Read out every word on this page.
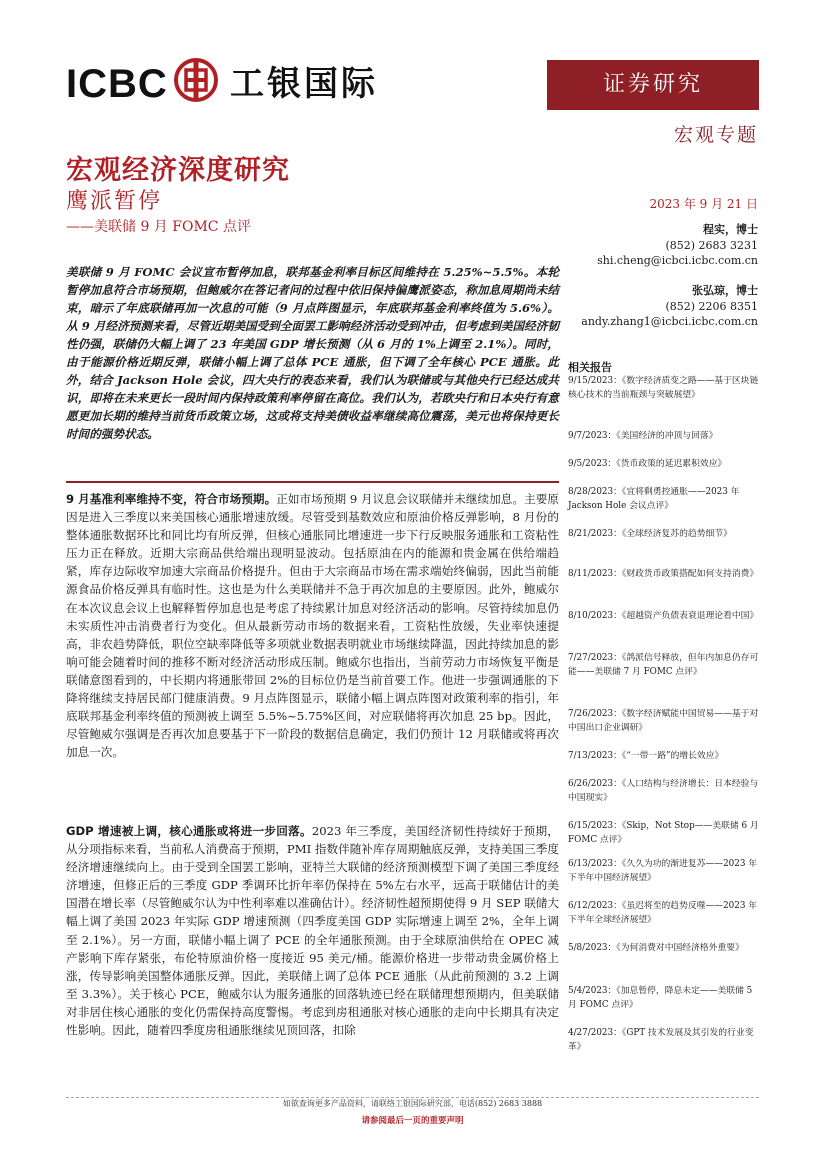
ICBC 工银国际	证券研究
宏观专题
宏观经济深度研究
鹰派暂停
——美联储 9 月 FOMC 点评
2023 年 9 月 21 日
程实，博士
(852) 2683 3231
shi.cheng@icbci.icbc.com.cn
张弘琼，博士
(852) 2206 8351
andy.zhang1@icbci.icbc.com.cn
美联储 9 月 FOMC 会议宣布暂停加息，联邦基金利率目标区间维持在 5.25%~5.5%。本轮暂停加息符合市场预期，但鲍威尔在答记者问的过程中依旧保持偏鹰派姿态，称加息周期尚未结束，暗示了年底联储再加一次息的可能（9 月点阵图显示，年底联邦基金利率终值为 5.6%）。从 9 月经济预测来看，尽管近期美国受到全面罢工影响经济活动受到冲击，但考虑到美国经济韧性仍强，联储仍大幅上调了 23 年美国 GDP 增长预测（从 6 月的 1%上调至 2.1%）。同时，由于能源价格近期反弹，联储小幅上调了总体 PCE 通胀，但下调了全年核心 PCE 通胀。此外，结合 Jackson Hole 会议，四大央行的表态来看，我们认为联储或与其他央行已经达成共识，即将在未来更长一段时间内保持政策利率停留在高位。我们认为，若欧央行和日本央行有意愿更加长期的维持当前货币政策立场，这或将支持美债收益率继续高位震荡，美元也将保持更长时间的强势状态。
9 月基准利率维持不变，符合市场预期。正如市场预期 9 月议息会议联储并未继续加息。主要原因是进入三季度以来美国核心通胀增速放缓。尽管受到基数效应和原油价格反弹影响，8 月份的整体通胀数据环比和同比均有所反弹，但核心通胀同比增速进一步下行反映服务通胀和工资粘性压力正在释放。近期大宗商品供给端出现明显波动。包括原油在内的能源和贵金属在供给端趋紧，库存边际收窄加速大宗商品价格提升。但由于大宗商品市场在需求端始终偏弱，因此当前能源食品价格反弹具有临时性。这也是为什么美联储并不急于再次加息的主要原因。此外，鲍威尔在本次议息会议上也解释暂停加息也是考虑了持续累计加息对经济活动的影响。尽管持续加息仍未实质性冲击消费者行为变化。但从最新劳动市场的数据来看，工资粘性放缓，失业率快速提高，非农趋势降低，职位空缺率降低等多项就业数据表明就业市场继续降温，因此持续加息的影响可能会随着时间的推移不断对经济活动形成压制。鲍威尔也指出，当前劳动力市场恢复平衡是联储意图看到的，中长期内将通胀带回 2%的目标位仍是当前首要工作。他进一步强调通胀的下降将继续支持居民部门健康消费。9 月点阵图显示，联储小幅上调点阵图对政策利率的指引，年底联邦基金利率终值的预测被上调至 5.5%~5.75%区间，对应联储将再次加息 25 bp。因此，尽管鲍威尔强调是否再次加息要基于下一阶段的数据信息确定，我们仍预计 12 月联储或将再次加息一次。
GDP 增速被上调，核心通胀或将进一步回落。2023 年三季度，美国经济韧性持续好于预期，从分项指标来看，当前私人消费高于预期，PMI 指数伴随补库存周期触底反弹，支持美国三季度经济增速继续向上。由于受到全国罢工影响，亚特兰大联储的经济预测模型下调了美国三季度经济增速，但修正后的三季度 GDP 季调环比折年率仍保持在 5%左右水平，远高于联储估计的美国潜在增长率（尽管鲍威尔认为中性利率难以准确估计）。经济韧性超预期使得 9 月 SEP 联储大幅上调了美国 2023 年实际 GDP 增速预测（四季度美国 GDP 实际增速上调至 2%，全年上调至 2.1%）。另一方面，联储小幅上调了 PCE 的全年通胀预测。由于全球原油供给在 OPEC 减产影响下库存紧张，布伦特原油价格一度接近 95 美元/桶。能源价格进一步带动贵金属价格上涨，传导影响美国整体通胀反弹。因此，美联储上调了总体 PCE 通胀（从此前预测的 3.2 上调至 3.3%）。关于核心 PCE，鲍威尔认为服务通胀的回落轨迹已经在联储理想预期内，但美联储对非居住核心通胀的变化仍需保持高度警惕。考虑到房租通胀对核心通胀的走向中长期具有决定性影响。因此，随着四季度房租通胀继续见顶回落，扣除
相关报告
9/15/2023：《数字经济质变之路——基于区块链核心技术的当前瓶颈与突破展望》
9/7/2023：《美国经济的冲顶与回落》
9/5/2023：《货币政策的延迟累积效应》
8/28/2023：《宜将剩勇控通胀——2023 年 Jackson Hole 会议点评》
8/21/2023：《全球经济复苏的趋势细节》
8/11/2023：《财政货币政策搭配如何支持消费》
8/10/2023：《超越资产负债表衰退理论看中国》
7/27/2023：《鸽派信号释放，但年内加息仍存可能——美联储 7 月 FOMC 点评》
7/26/2023：《数字经济赋能中国贸易——基于对中国出口企业调研》
7/13/2023：《“一带一路”的增长效应》
6/26/2023：《人口结构与经济增长：日本经验与中国现实》
6/15/2023：《Skip，Not Stop——美联储 6 月 FOMC 点评》
6/13/2023：《久久为功的渐进复苏——2023 年下半年中国经济展望》
6/12/2023：《虽迟将至的趋势反噬——2023 年下半年全球经济展望》
5/8/2023：《为何消费对中国经济格外重要》
5/4/2023：《加息暂停，降息未定——美联储 5 月 FOMC 点评》
4/27/2023：《GPT 技术发展及其引发的行业变革》
如欲查询更多产品资料，请联络工银国际研究部，电话(852) 2683 3888
请参阅最后一页的重要声明
